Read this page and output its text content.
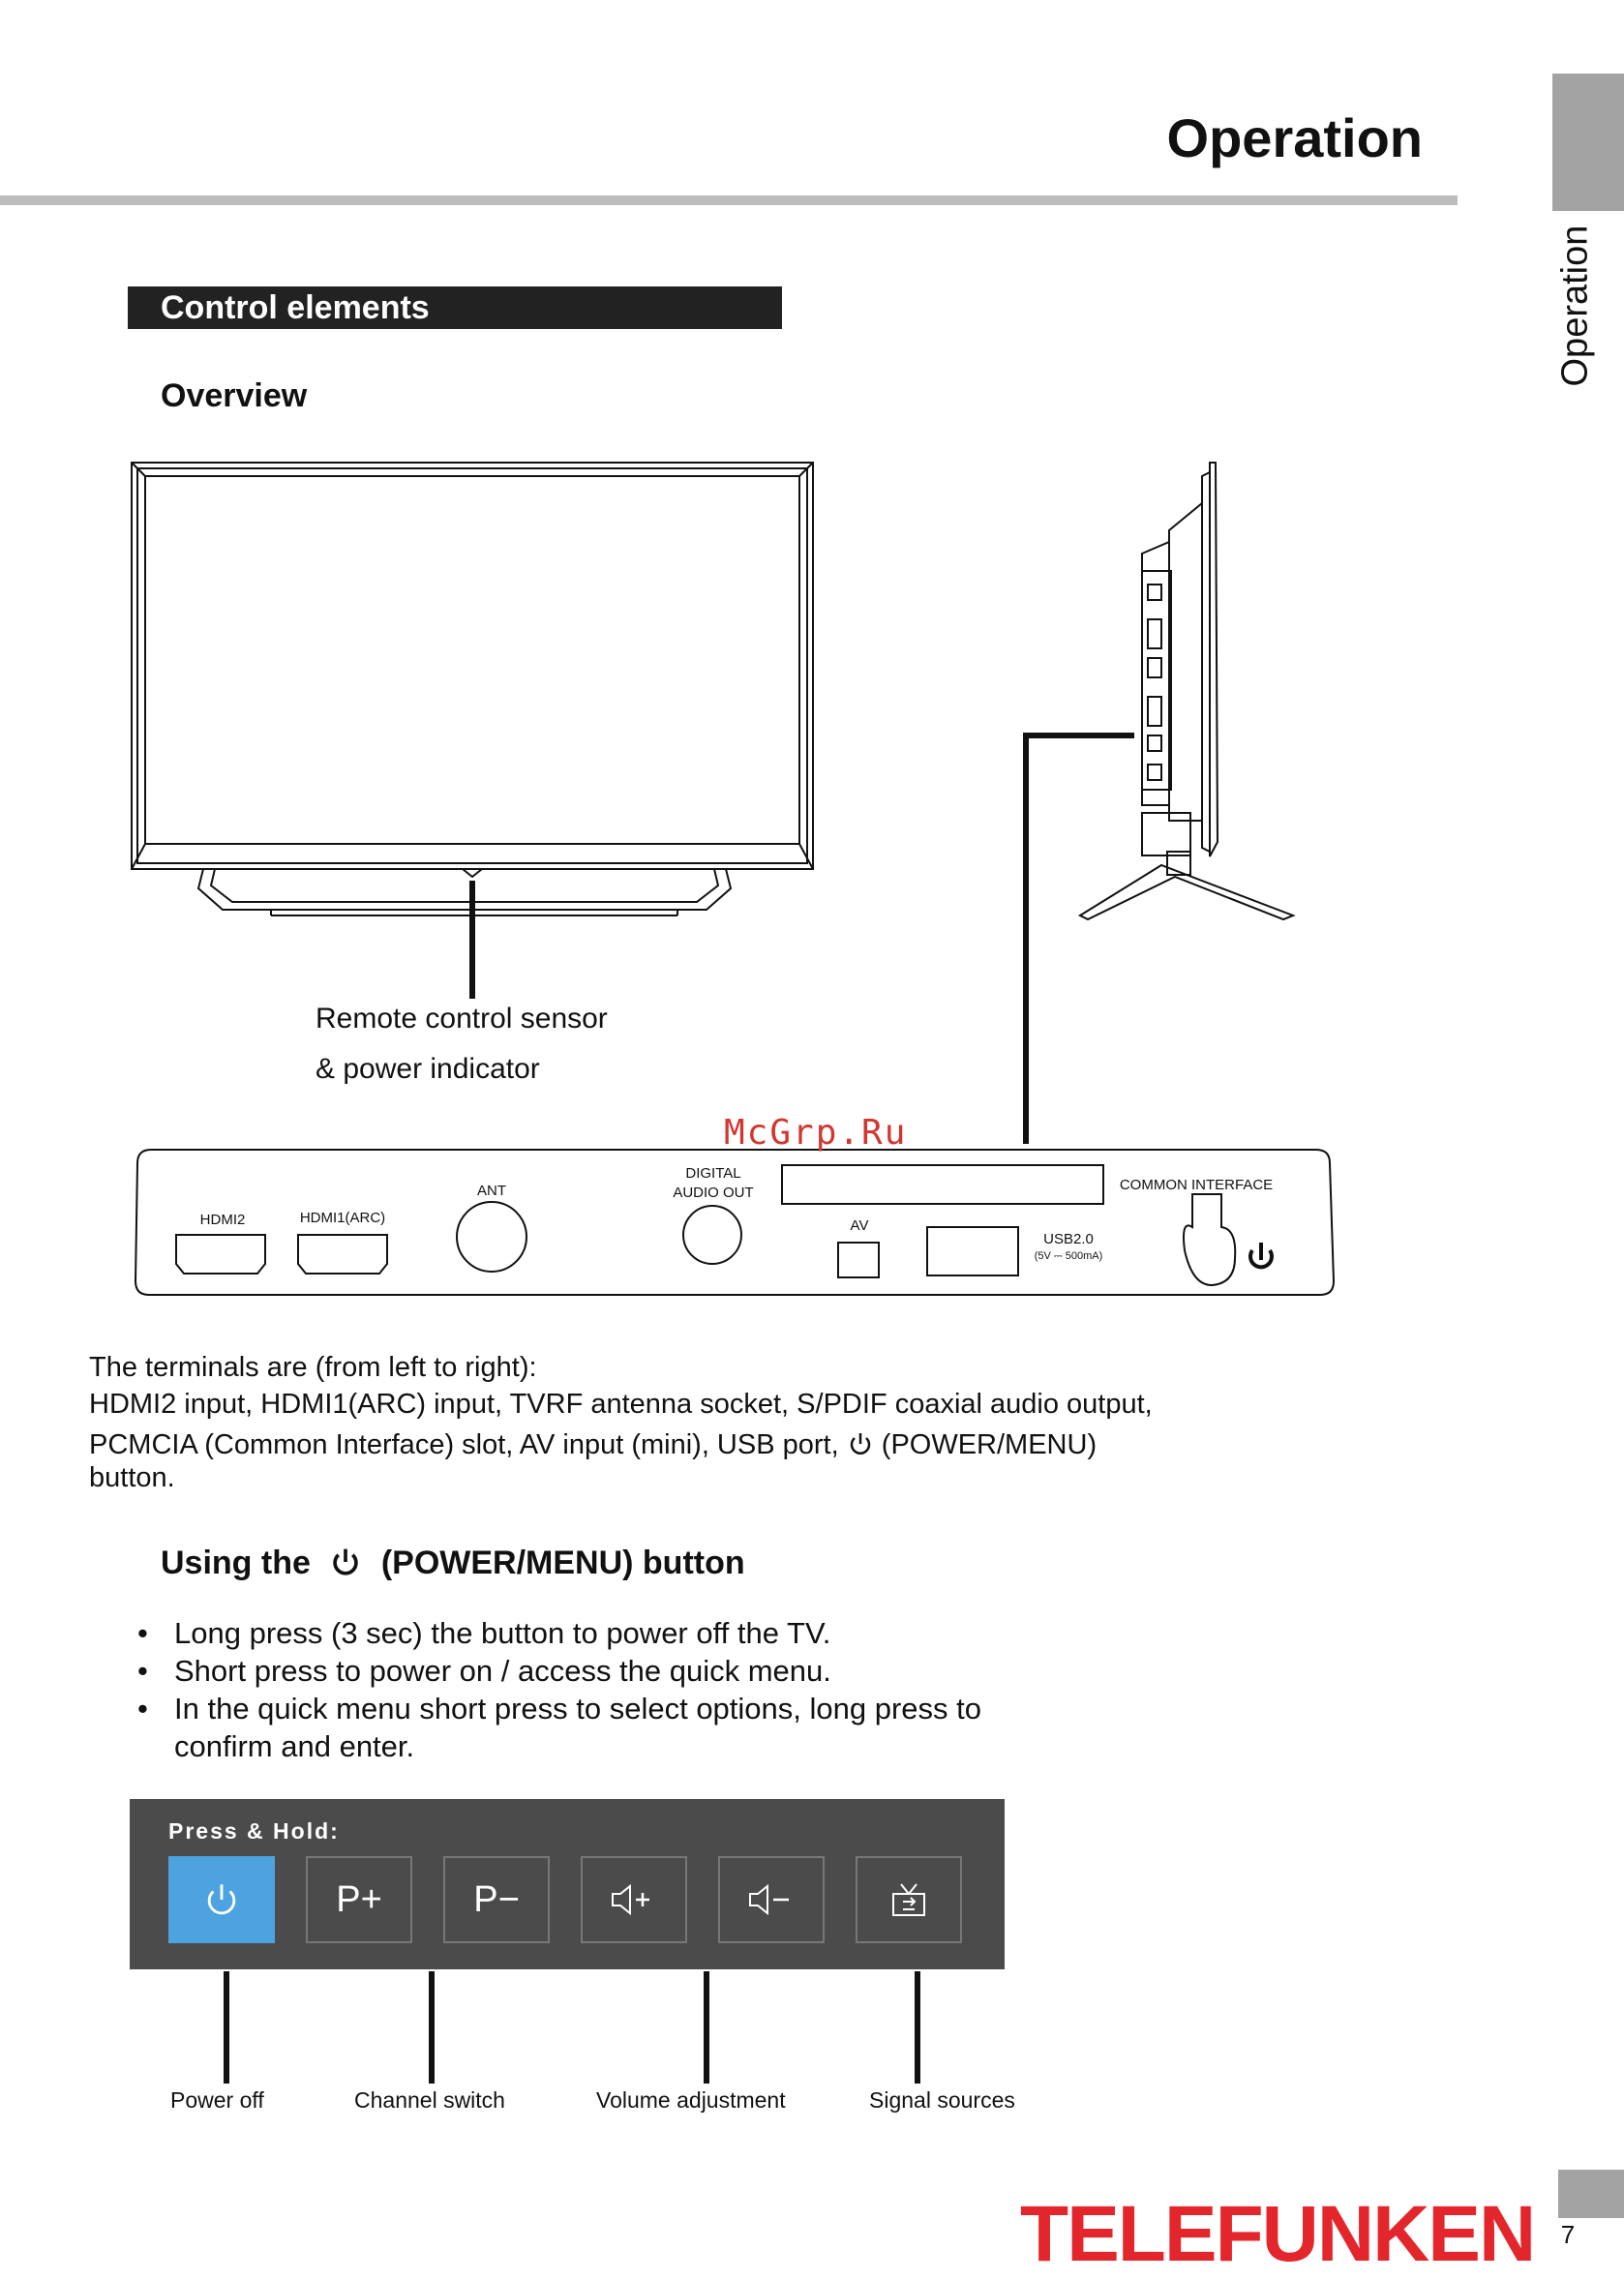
Operation
Operation
Control elements
Overview
Remote control sensor
& power indicator
McGrp.Ru
HDMI2	HDMI1(ARC)
ANT
DIGITAL
AUDIO OUT
AV
USB2.0
(5V ⎓ 500mA)
COMMON INTERFACE
The terminals are (from left to right):
HDMI2 input, HDMI1(ARC) input, TVRF antenna socket, S/PDIF coaxial audio output,
PCMCIA (Common Interface) slot, AV input (mini), USB port, (POWER/MENU)
button.
Using the (POWER/MENU) button
• Long press (3 sec) the button to power off the TV.
• Short press to power on / access the quick menu.
• In the quick menu short press to select options, long press to
confirm and enter.
Press & Hold:
P+	P−
Power off	Channel switch	Volume adjustment	Signal sources
TELEFUNKEN	7
